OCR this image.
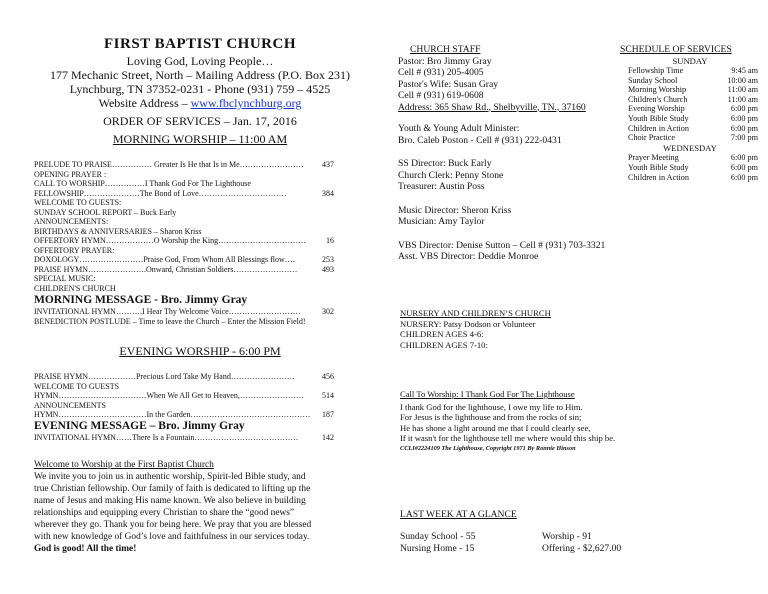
FIRST BAPTIST CHURCH
Loving God, Loving People…
177 Mechanic Street, North – Mailing Address (P.O. Box 231)
Lynchburg, TN 37352-0231 - Phone (931) 759 – 4525
Website Address – www.fbclynchburg.org
ORDER OF SERVICES – Jan. 17, 2016
MORNING WORSHIP – 11:00 AM
PRELUDE TO PRAISE…………… Greater Is He that Is in Me…………………… 437
OPENING PRAYER :
CALL TO WORSHIP……………I Thank God For The Lighthouse
FELLOWSHIP…………………The Bond of Love……………………………	384
WELCOME TO GUESTS:
SUNDAY SCHOOL REPORT – Buck Early
ANNOUNCEMENTS:
BIRTHDAYS & ANNIVERSARIES – Sharon Kriss
OFFERTORY HYMN………………O Worship the King…………………………… 16
OFFERTORY PRAYER:
DOXOLOGY……………………Praise God, From Whom All Blessings flow….	253
PRAISE HYMN………………….Onward, Christian Soldiers……………………	493
SPECIAL MUSIC:
CHILDREN'S CHURCH
MORNING MESSAGE - Bro. Jimmy Gray
INVITATIONAL HYMN……….I Hear Thy Welcome Voice………………………	302
BENEDICTION POSTLUDE – Time to leave the Church – Enter the Mission Field!
EVENING WORSHIP - 6:00 PM
PRAISE HYMN………………Precious Lord Take My Hand……………………	456
WELCOME TO GUESTS
HYMN……………………………When We All Get to Heaven,…………………… 514
ANNOUNCEMENTS
HYMN……………………………In the Garden……………………………………… 187
EVENING MESSAGE – Bro. Jimmy Gray
INVITATIONAL HYMN……There Is a Fountain…………………………………	142
Welcome to Worship at the First Baptist Church
We invite you to join us in authentic worship, Spirit-led Bible study, and
true Christian fellowship. Our family of faith is dedicated to lifting up the
name of Jesus and making His name known. We also believe in building
relationships and equipping every Christian to share the “good news”
wherever they go. Thank you for being here. We pray that you are blessed
with new knowledge of God’s love and faithfulness in our services today.
God is good! All the time!
CHURCH STAFF
Pastor: Bro Jimmy Gray
Cell # (931) 205-4005
Pastor's Wife: Susan Gray
Cell # (931) 619-0608
Address: 365 Shaw Rd., Shelbyville, TN., 37160
Youth & Young Adult Minister:
Bro. Caleb Poston - Cell # (931) 222-0431
SS Director: Buck Early
Church Clerk: Penny Stone
Treasurer: Austin Poss
Music Director: Sheron Kriss
Musician: Amy Taylor
VBS Director: Denise Sutton – Cell # (931) 703-3321
Asst. VBS Director: Deddie Monroe
SCHEDULE OF SERVICES
SUNDAY
Fellowship Time	9:45 am
Sunday School	10:00 am
Morning Worship	11:00 am
Children's Church	11:00 am
Evening Worship	6:00 pm
Youth Bible Study	6:00 pm
Children in Action	6:00 pm
Choir Practice	7:00 pm
WEDNESDAY
Prayer Meeting	6:00 pm
Youth Bible Study	6:00 pm
Children in Action	6:00 pm
NURSERY AND CHILDREN’S CHURCH
NURSERY: Patsy Dodson or Volunteer
CHILDREN AGES 4-6:
CHILDREN AGES 7-10:
Call To Worship: I Thank God For The Lighthouse
I thank God for the lighthouse, I owe my life to Him.
For Jesus is the lighthouse and from the rocks of sin;
He has shone a light around me that I could clearly see,
If it wasn't for the lighthouse tell me where would this ship be.
CCLI#2224109 The Lighthouse, Copyright 1971 By Ronnie Hinson
LAST WEEK AT A GLANCE
Sunday School - 55	Worship - 91
Nursing Home - 15	Offering - $2,627.00
